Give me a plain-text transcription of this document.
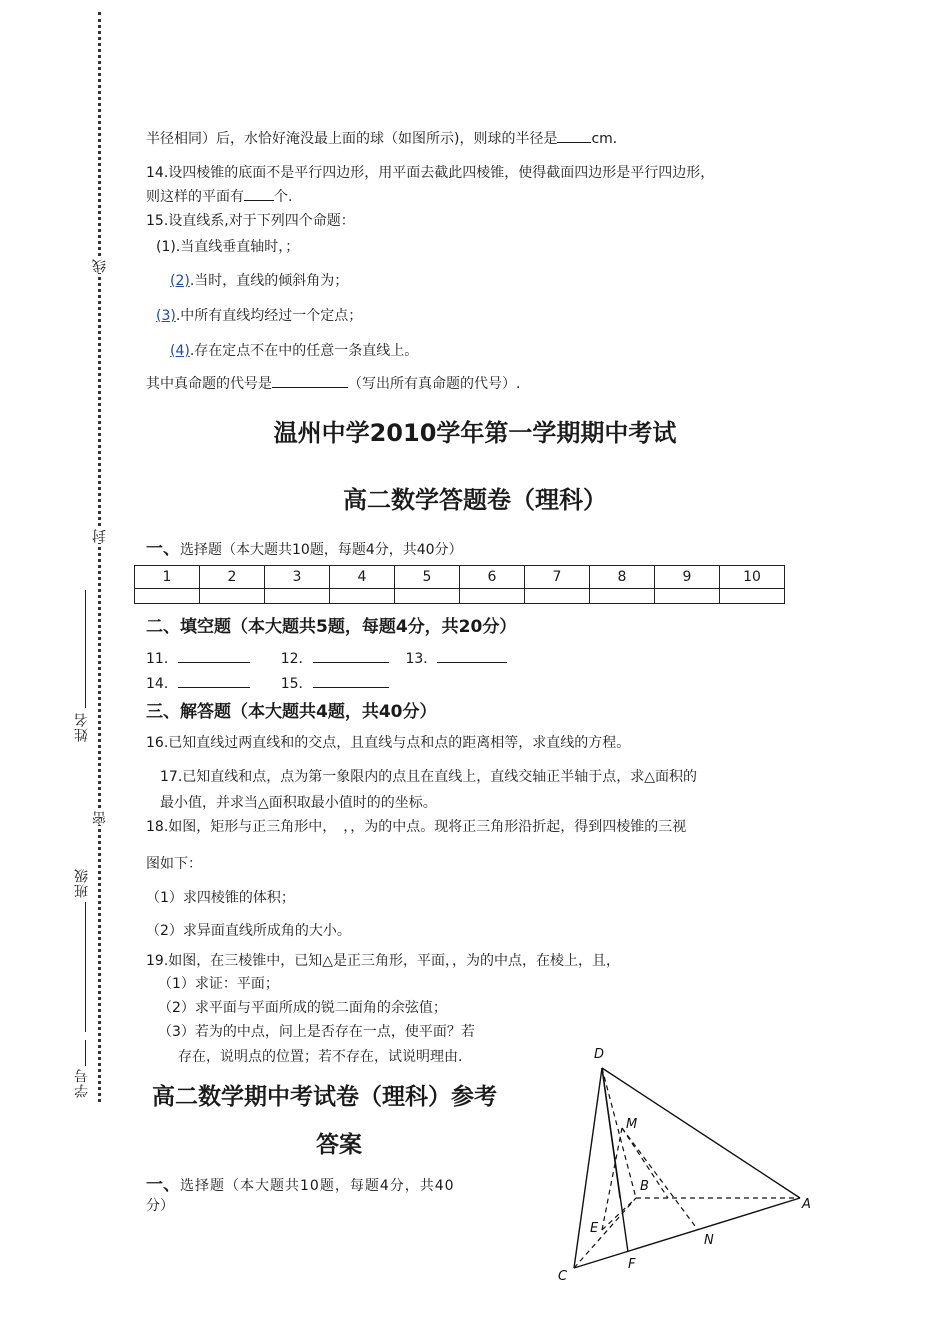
线
封
密
姓名
班级
学号
半径相同）后，水恰好淹没最上面的球（如图所示)，则球的半径是 cm．
14.设四棱锥的底面不是平行四边形，用平面去截此四棱锥，使得截面四边形是平行四边形，
则这样的平面有 个.
15.设直线系,对于下列四个命题：
(1).当直线垂直轴时，；
(2).当时，直线的倾斜角为；
(3).中所有直线均经过一个定点；
(4).存在定点不在中的任意一条直线上。
其中真命题的代号是	（写出所有真命题的代号）.
温州中学2010学年第一学期期中考试
高二数学答题卷（理科）
一、选择题（本大题共10题，每题4分，共40分）
1	2	3	4	5	6	7	8	9	10

二、填空题（本大题共5题，每题4分，共20分）
11．	12．	13．
14．	15．
三、解答题（本大题共4题，共40分）
16.已知直线过两直线和的交点，且直线与点和点的距离相等，求直线的方程。
17.已知直线和点，点为第一象限内的点且在直线上，直线交轴正半轴于点，求△面积的
最小值，并求当△面积取最小值时的的坐标。
18.如图，矩形与正三角形中，　，，为的中点。现将正三角形沿折起，得到四棱锥的三视
图如下：
（1）求四棱锥的体积；
（2）求异面直线所成角的大小。
19.如图，在三棱锥中，已知△是正三角形，平面，，为的中点，在棱上，且，
（1）求证：平面；
（2）求平面与平面所成的锐二面角的余弦值；
（3）若为的中点，问上是否存在一点，使平面？若
存在，说明点的位置；若不存在，试说明理由.
高二数学期中考试卷（理科）参考
答案
一、选择题（本大题共10题，每题4分，共40
分）
D
M
B
A
E
N
C
F
